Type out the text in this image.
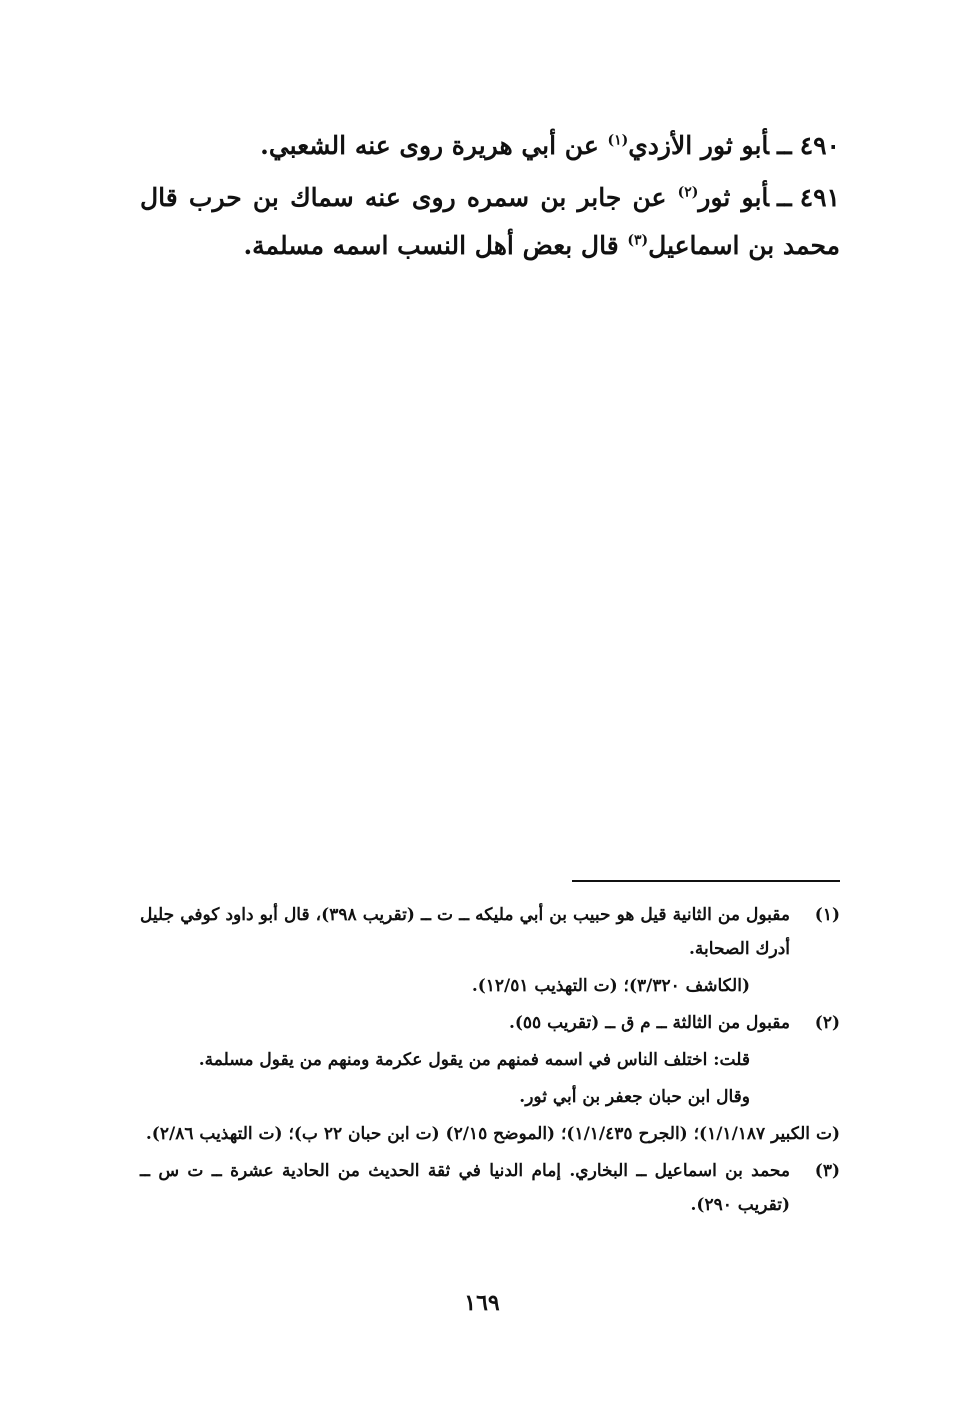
٤٩٠ــأبو ثور الأزدي$^{(١)}$ عن أبي هريرة روى عنه الشعبي.

٤٩١ــأبو ثور$^{(٢)}$ عن جابر بن سمره روى عنه سماك بن حرب قال محمد بن اسماعيل$^{(٣)}$ قال بعض أهل النسب اسمه مسلمة.

(١)
مقبول من الثانية قيل هو حبيب بن أبي مليكه ــ ت ــ (تقريب ٣٩٨)، قال أبو داود كوفي جليل أدرك الصحابة.
(الكاشف ٣/٣٢٠)؛ (ت التهذيب ١٢/٥١).
(٢)
مقبول من الثالثة ــ م ق ــ (تقريب ٥٥).
قلت: اختلف الناس في اسمه فمنهم من يقول عكرمة ومنهم من يقول مسلمة.
وقال ابن حبان جعفر بن أبي ثور.
(ت الكبير ١/١/١٨٧)؛ (الجرح ١/١/٤٣٥)؛ (الموضح ٢/١٥) (ت ابن حبان ٢٢ ب)؛ (ت التهذيب ٢/٨٦).
(٣)
محمد بن اسماعيل ــ البخاري. إمام الدنيا في ثقة الحديث من الحادية عشرة ــ ت س ــ (تقريب ٢٩٠).
١٦٩
